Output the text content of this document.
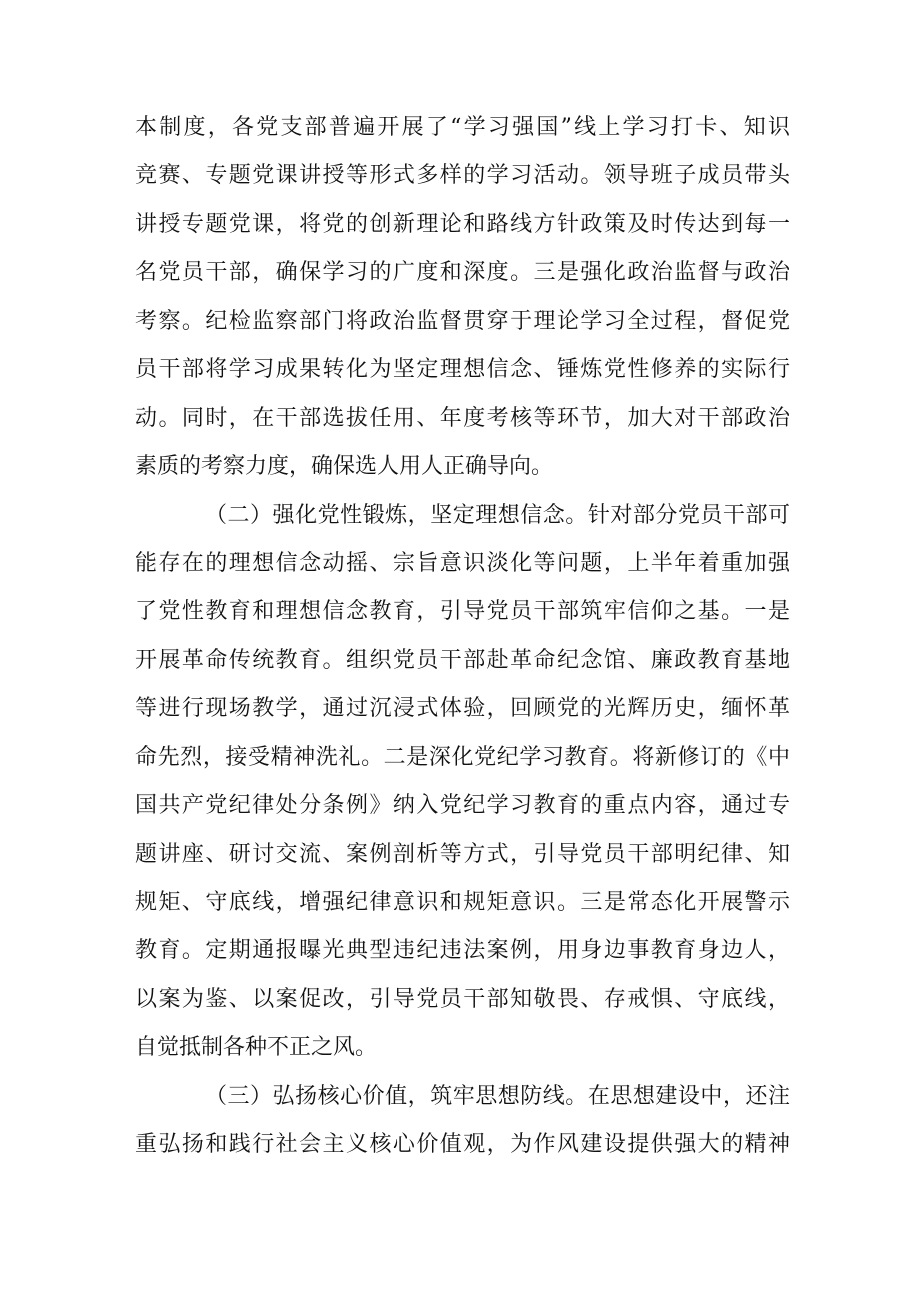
本制度，各党支部普遍开展了“学习强国”线上学习打卡、知识
竞赛、专题党课讲授等形式多样的学习活动。领导班子成员带头
讲授专题党课，将党的创新理论和路线方针政策及时传达到每一
名党员干部，确保学习的广度和深度。三是强化政治监督与政治
考察。纪检监察部门将政治监督贯穿于理论学习全过程，督促党
员干部将学习成果转化为坚定理想信念、锤炼党性修养的实际行
动。同时，在干部选拔任用、年度考核等环节，加大对干部政治
素质的考察力度，确保选人用人正确导向。
（二）强化党性锻炼，坚定理想信念。针对部分党员干部可
能存在的理想信念动摇、宗旨意识淡化等问题，上半年着重加强
了党性教育和理想信念教育，引导党员干部筑牢信仰之基。一是
开展革命传统教育。组织党员干部赴革命纪念馆、廉政教育基地
等进行现场教学，通过沉浸式体验，回顾党的光辉历史，缅怀革
命先烈，接受精神洗礼。二是深化党纪学习教育。将新修订的《中
国共产党纪律处分条例》纳入党纪学习教育的重点内容，通过专
题讲座、研讨交流、案例剖析等方式，引导党员干部明纪律、知
规矩、守底线，增强纪律意识和规矩意识。三是常态化开展警示
教育。定期通报曝光典型违纪违法案例，用身边事教育身边人，
以案为鉴、以案促改，引导党员干部知敬畏、存戒惧、守底线，
自觉抵制各种不正之风。
（三）弘扬核心价值，筑牢思想防线。在思想建设中，还注
重弘扬和践行社会主义核心价值观，为作风建设提供强大的精神
